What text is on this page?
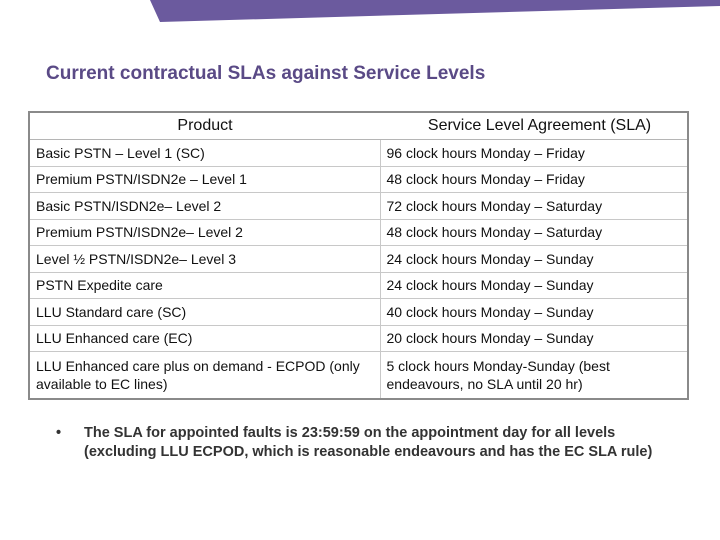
Current contractual SLAs against Service Levels
Product	Service Level Agreement (SLA)
Basic PSTN – Level 1 (SC)	96 clock hours Monday – Friday
Premium PSTN/ISDN2e – Level 1	48 clock hours Monday – Friday
Basic PSTN/ISDN2e– Level 2	72 clock hours Monday – Saturday
Premium PSTN/ISDN2e– Level 2	48 clock hours Monday – Saturday
Level ½ PSTN/ISDN2e– Level 3	24 clock hours Monday – Sunday
PSTN Expedite care	24 clock hours Monday – Sunday
LLU Standard care (SC)	40 clock hours Monday – Sunday
LLU Enhanced care (EC)	20 clock hours Monday – Sunday
LLU Enhanced care plus on demand - ECPOD (only available to EC lines)	5 clock hours Monday-Sunday (best endeavours, no SLA until 20 hr)
• The SLA for appointed faults is 23:59:59 on the appointment day for all levels (excluding LLU ECPOD, which is reasonable endeavours and has the EC SLA rule)
